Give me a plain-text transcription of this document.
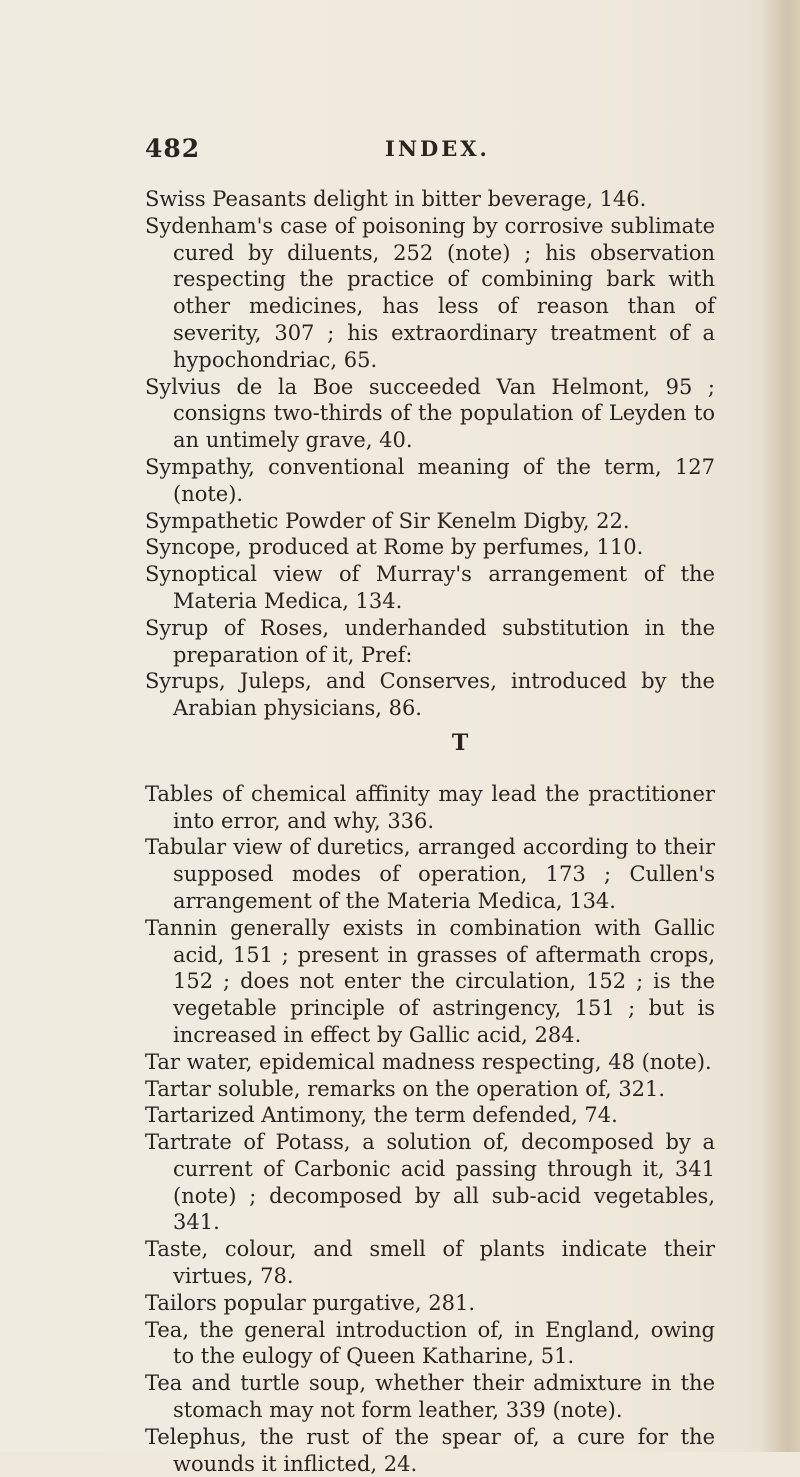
482	INDEX.

Swiss Peasants delight in bitter beverage, 146.

Sydenham's case of poisoning by corrosive sublimate cured by diluents, 252 (note) ; his observation respecting the practice of combining bark with other medicines, has less of reason than of severity, 307 ; his extraordinary treatment of a hypochondriac, 65.

Sylvius de la Boe succeeded Van Helmont, 95 ; consigns two-thirds of the population of Leyden to an untimely grave, 40.

Sympathy, conventional meaning of the term, 127 (note).

Sympathetic Powder of Sir Kenelm Digby, 22.

Syncope, produced at Rome by perfumes, 110.

Synoptical view of Murray's arrangement of the Materia Medica, 134.

Syrup of Roses, underhanded substitution in the preparation of it, Pref:

Syrups, Juleps, and Conserves, introduced by the Arabian physicians, 86.

T

Tables of chemical affinity may lead the practitioner into error, and why, 336.

Tabular view of duretics, arranged according to their supposed modes of operation, 173 ; Cullen's arrangement of the Materia Medica, 134.

Tannin generally exists in combination with Gallic acid, 151 ; present in grasses of aftermath crops, 152 ; does not enter the circulation, 152 ; is the vegetable principle of astringency, 151 ; but is increased in effect by Gallic acid, 284.

Tar water, epidemical madness respecting, 48 (note).

Tartar soluble, remarks on the operation of, 321.

Tartarized Antimony, the term defended, 74.

Tartrate of Potass, a solution of, decomposed by a current of Carbonic acid passing through it, 341 (note) ; decomposed by all sub-acid vegetables, 341.

Taste, colour, and smell of plants indicate their virtues, 78.

Tailors popular purgative, 281.

Tea, the general introduction of, in England, owing to the eulogy of Queen Katharine, 51.

Tea and turtle soup, whether their admixture in the stomach may not form leather, 339 (note).

Telephus, the rust of the spear of, a cure for the wounds it inflicted, 24.
